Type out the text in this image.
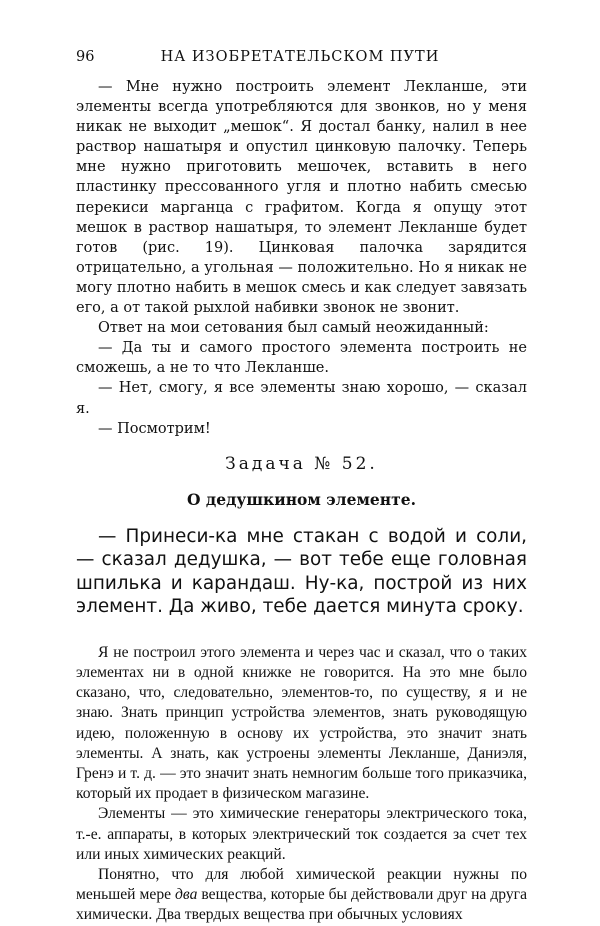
96	НА ИЗОБРЕТАТЕЛЬСКОМ ПУТИ

— Мне нужно построить элемент Лекланше, эти элементы всегда употребляются для звонков, но у меня никак не выходит „мешок“. Я достал банку, налил в нее раствор нашатыря и опустил цинковую палочку. Теперь мне нужно приготовить мешочек, вставить в него пластинку прессованного угля и плотно набить смесью перекиси марганца с графитом. Когда я опущу этот мешок в раствор нашатыря, то элемент Лекланше будет готов (рис. 19). Цинковая палочка зарядится отрицательно, а угольная — положительно. Но я никак не могу плотно набить в мешок смесь и как следует завязать его, а от такой рыхлой набивки звонок не звонит.

Ответ на мои сетования был самый неожиданный:

— Да ты и самого простого элемента построить не сможешь, а не то что Лекланше.

— Нет, смогу, я все элементы знаю хорошо, — сказал я.

— Посмотрим!

Задача № 52.
О дедушкином элементе.

— Принеси-ка мне стакан с водой и соли, — сказал дедушка, — вот тебе еще головная шпилька и карандаш. Ну-ка, построй из них элемент. Да живо, тебе дается минута сроку.

Я не построил этого элемента и через час и сказал, что о таких элементах ни в одной книжке не говорится. На это мне было сказано, что, следовательно, элементов-то, по существу, я и не знаю. Знать принцип устройства элементов, знать руководящую идею, положенную в основу их устройства, это значит знать элементы. А знать, как устроены элементы Лекланше, Даниэля, Гренэ и т. д. — это значит знать немногим больше того приказчика, который их продает в физическом магазине.

Элементы — это химические генераторы электрического тока, т.-е. аппараты, в которых электрический ток создается за счет тех или иных химических реакций.

Понятно, что для любой химической реакции нужны по меньшей мере два вещества, которые бы действовали друг на друга химически. Два твердых вещества при обычных условиях
